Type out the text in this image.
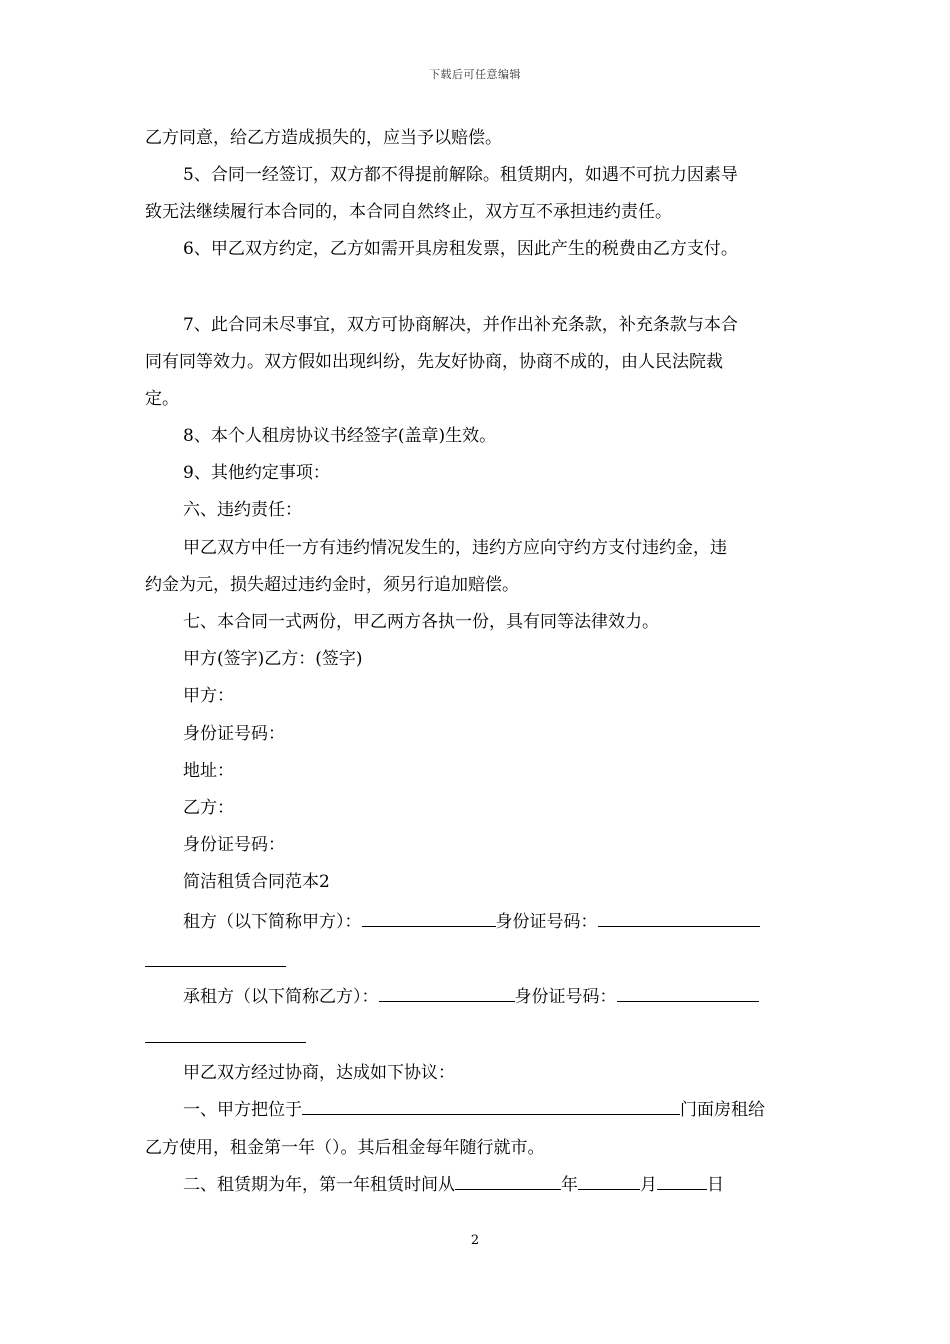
下载后可任意编辑
乙方同意，给乙方造成损失的，应当予以赔偿。
5、合同一经签订，双方都不得提前解除。租赁期内，如遇不可抗力因素导
致无法继续履行本合同的，本合同自然终止，双方互不承担违约责任。
6、甲乙双方约定，乙方如需开具房租发票，因此产生的税费由乙方支付。
7、此合同未尽事宜，双方可协商解决，并作出补充条款，补充条款与本合
同有同等效力。双方假如出现纠纷，先友好协商，协商不成的，由人民法院裁
定。
8、本个人租房协议书经签字(盖章)生效。
9、其他约定事项：
六、违约责任：
甲乙双方中任一方有违约情况发生的，违约方应向守约方支付违约金，违
约金为元，损失超过违约金时，须另行追加赔偿。
七、本合同一式两份，甲乙两方各执一份，具有同等法律效力。
甲方(签字)乙方：(签字)
甲方：
身份证号码：
地址：
乙方：
身份证号码：
简洁租赁合同范本2
租方（以下简称甲方）：	身份证号码：
承租方（以下简称乙方）：	身份证号码：
甲乙双方经过协商，达成如下协议：
一、甲方把位于	门面房租给
乙方使用，租金第一年（）。其后租金每年随行就市。
二、租赁期为年，第一年租赁时间从	年	月	日
2
